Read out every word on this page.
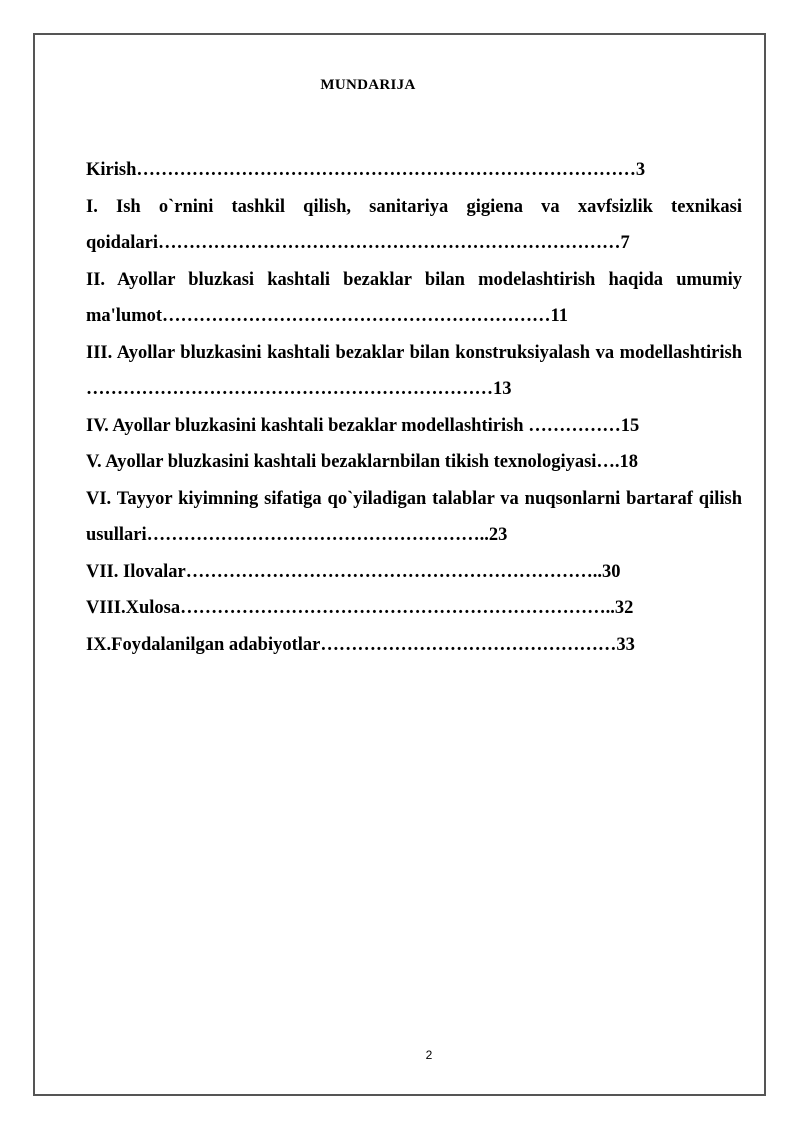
MUNDARIJA

Kirish………………………………………………………………………3

I. Ish o`rnini tashkil qilish, sanitariya gigiena va xavfsizlik texnikasi qoidalari…………………………………………………………………7

II. Ayollar bluzkasi kashtali bezaklar bilan modelashtirish haqida umumiy ma'lumot………………………………………………………11

III. Ayollar bluzkasini kashtali bezaklar bilan konstruksiyalash va modellashtirish …………………………………………………………13

IV. Ayollar bluzkasini kashtali bezaklar modellashtirish ……………15

V. Ayollar bluzkasini kashtali bezaklarnbilan tikish texnologiyasi….18

VI. Tayyor kiyimning sifatiga qo`yiladigan talablar va nuqsonlarni bartaraf qilish usullari………………………………………………..23

VII. Ilovalar…………………………………………………………..30

VIII.Xulosa……………………………………………………………..32

IX.Foydalanilgan adabiyotlar…………………………………………33

2
